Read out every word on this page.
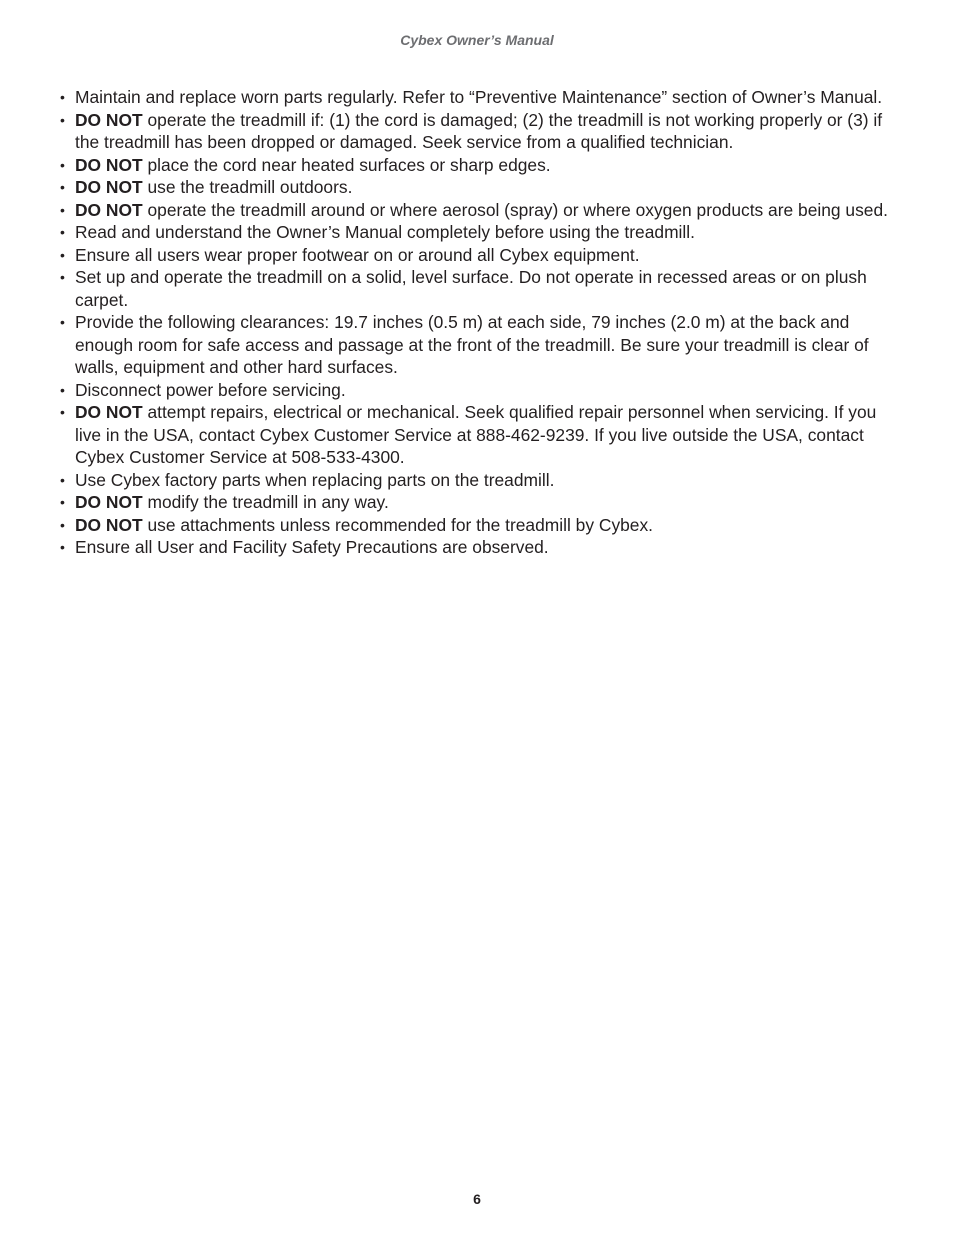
Cybex Owner’s Manual
• Maintain and replace worn parts regularly. Refer to “Preventive Maintenance” section of Owner’s Manual.
• DO NOT operate the treadmill if: (1) the cord is damaged; (2) the treadmill is not working properly or (3) if the treadmill has been dropped or damaged. Seek service from a qualified technician.
• DO NOT place the cord near heated surfaces or sharp edges.
• DO NOT use the treadmill outdoors.
• DO NOT operate the treadmill around or where aerosol (spray) or where oxygen products are being used.
• Read and understand the Owner’s Manual completely before using the treadmill.
• Ensure all users wear proper footwear on or around all Cybex equipment.
• Set up and operate the treadmill on a solid, level surface. Do not operate in recessed areas or on plush carpet.
• Provide the following clearances: 19.7 inches (0.5 m) at each side, 79 inches (2.0 m) at the back and enough room for safe access and passage at the front of the treadmill. Be sure your treadmill is clear of walls, equipment and other hard surfaces.
• Disconnect power before servicing.
• DO NOT attempt repairs, electrical or mechanical. Seek qualified repair personnel when servicing. If you live in the USA, contact Cybex Customer Service at 888-462-9239. If you live outside the USA, contact Cybex Customer Service at 508-533-4300.
• Use Cybex factory parts when replacing parts on the treadmill.
• DO NOT modify the treadmill in any way.
• DO NOT use attachments unless recommended for the treadmill by Cybex.
• Ensure all User and Facility Safety Precautions are observed.
6
